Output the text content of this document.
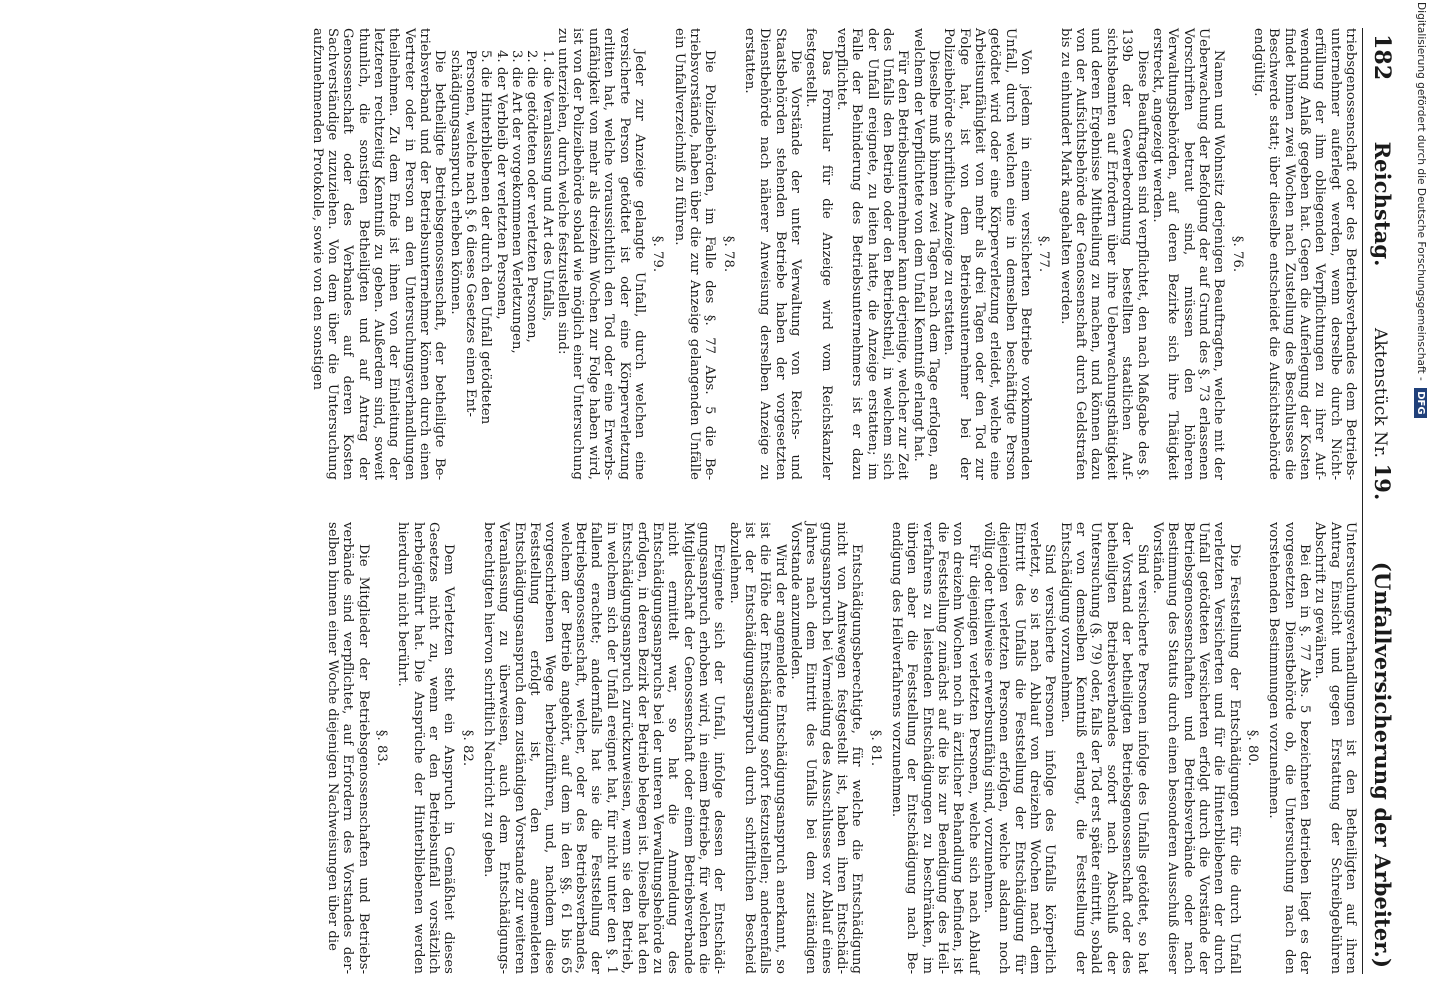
182
Reichstag.
Aktenstück Nr. 19.
(Unfallversicherung der Arbeiter.)

triebsgenossenschaft oder des Betriebsverbandes dem Betriebsunternehmer auferlegt werden, wenn derselbe durch Nichterfüllung der ihm obliegenden Verpflichtungen zu ihrer Aufwendung Anlaß gegeben hat. Gegen die Auferlegung der Kosten findet binnen zwei Wochen nach Zustellung des Beschlusses die Beschwerde statt; über dieselbe entscheidet die Aufsichtsbehörde endgültig.

§. 76.

Namen und Wohnsitz derjenigen Beauftragten, welche mit der Ueberwachung der Befolgung der auf Grund des §. 73 erlassenen Vorschriften betraut sind, müssen den höheren Verwaltungsbehörden, auf deren Bezirke sich ihre Thätigkeit erstreckt, angezeigt werden.

Diese Beauftragten sind verpflichtet, den nach Maßgabe des §. 139b der Gewerbeordnung bestellten staatlichen Aufsichtsbeamten auf Erfordern über ihre Ueberwachungsthätigkeit und deren Ergebnisse Mittheilung zu machen, und können dazu von der Aufsichtsbehörde der Genossenschaft durch Geldstrafen bis zu einhundert Mark angehalten werden.

§. 77.

Von jedem in einem versicherten Betriebe vorkommenden Unfall, durch welchen eine in demselben beschäftigte Person getödtet wird oder eine Körperverletzung erleidet, welche eine Arbeitsunfähigkeit von mehr als drei Tagen oder den Tod zur Folge hat, ist von dem Betriebsunternehmer bei der Polizeibehörde schriftliche Anzeige zu erstatten.

Dieselbe muß binnen zwei Tagen nach dem Tage erfolgen, an welchem der Verpflichtete von dem Unfall Kenntniß erlangt hat.

Für den Betriebsunternehmer kann derjenige, welcher zur Zeit des Unfalls den Betrieb oder den Betriebstheil, in welchem sich der Unfall ereignete, zu leiten hatte, die Anzeige erstatten; im Falle der Behinderung des Betriebsunternehmers ist er dazu verpflichtet.

Das Formular für die Anzeige wird vom Reichskanzler festgestellt.

Die Vorstände der unter Verwaltung von Reichs- und Staatsbehörden stehenden Betriebe haben der vorgesetzten Dienstbehörde nach näherer Anweisung derselben Anzeige zu erstatten.

§. 78.

Die Polizeibehörden, im Falle des §. 77 Abs. 5 die Betriebsvorstände, haben über die zur Anzeige gelangenden Unfälle ein Unfallverzeichniß zu führen.

§. 79.

Jeder zur Anzeige gelangte Unfall, durch welchen eine versicherte Person getödtet ist oder eine Körperverletzung erlitten hat, welche voraussichtlich den Tod oder eine Erwerbsunfähigkeit von mehr als dreizehn Wochen zur Folge haben wird, ist von der Polizeibehörde sobald wie möglich einer Untersuchung zu unterziehen, durch welche festzustellen sind:

1. die Veranlassung und Art des Unfalls,
2. die getödteten oder verletzten Personen,
3. die Art der vorgekommenen Verletzungen,
4. der Verbleib der verletzten Personen,
5. die Hinterbliebenen der durch den Unfall getödteten Personen, welche nach §. 6 dieses Gesetzes einen Entschädigungsanspruch erheben können.

Die betheiligte Betriebsgenossenschaft, der betheiligte Betriebsverband und der Betriebsunternehmer können durch einen Vertreter oder in Person an den Untersuchungsverhandlungen theilnehmen. Zu dem Ende ist ihnen von der Einleitung der letzteren rechtzeitig Kenntniß zu geben. Außerdem sind, soweit thunlich, die sonstigen Betheiligten und auf Antrag der Genossenschaft oder des Verbandes auf deren Kosten Sachverständige zuzuziehen. Von dem über die Untersuchung aufzunehmenden Protokolle, sowie von den sonstigen

Untersuchungsverhandlungen ist den Betheiligten auf ihren Antrag Einsicht und gegen Erstattung der Schreibgebühren Abschrift zu gewähren.

Bei den in §. 77 Abs. 5 bezeichneten Betrieben liegt es der vorgesetzten Dienstbehörde ob, die Untersuchung nach den vorstehenden Bestimmungen vorzunehmen.

§. 80.

Die Feststellung der Entschädigungen für die durch Unfall verletzten Versicherten und für die Hinterbliebenen der durch Unfall getödteten Versicherten erfolgt durch die Vorstände der Betriebsgenossenschaften und Betriebsverbände oder nach Bestimmung des Statuts durch einen besonderen Ausschuß dieser Vorstände.

Sind versicherte Personen infolge des Unfalls getödtet, so hat der Vorstand der betheiligten Betriebsgenossenschaft oder des betheiligten Betriebsverbandes sofort nach Abschluß der Untersuchung (§. 79) oder, falls der Tod erst später eintritt, sobald er von demselben Kenntniß erlangt, die Feststellung der Entschädigung vorzunehmen.

Sind versicherte Personen infolge des Unfalls körperlich verletzt, so ist nach Ablauf von dreizehn Wochen nach dem Eintritt des Unfalls die Feststellung der Entschädigung für diejenigen verletzten Personen erfolgen, welche alsdann noch völlig oder theilweise erwerbsunfähig sind, vorzunehmen.

Für diejenigen verletzten Personen, welche sich nach Ablauf von dreizehn Wochen noch in ärztlicher Behandlung befinden, ist die Feststellung zunächst auf die bis zur Beendigung des Heilverfahrens zu leistenden Entschädigungen zu beschränken, im übrigen aber die Feststellung der Entschädigung nach Beendigung des Heilverfahrens vorzunehmen.

§. 81.

Entschädigungsberechtigte, für welche die Entschädigung nicht von Amtswegen festgestellt ist, haben ihren Entschädigungsanspruch bei Vermeidung des Ausschlusses vor Ablauf eines Jahres nach dem Eintritt des Unfalls bei dem zuständigen Vorstande anzumelden.

Wird der angemeldete Entschädigungsanspruch anerkannt, so ist die Höhe der Entschädigung sofort festzustellen; anderenfalls ist der Entschädigungsanspruch durch schriftlichen Bescheid abzulehnen.

Ereignete sich der Unfall, infolge dessen der Entschädigungsanspruch erhoben wird, in einem Betriebe, für welchen die Mitgliedschaft der Genossenschaft oder einem Betriebsverbande nicht ermittelt war, so hat die Anmeldung des Entschädigungsanspruchs bei der unteren Verwaltungsbehörde zu erfolgen, in deren Bezirk der Betrieb belegen ist. Dieselbe hat den Entschädigungsanspruch zurückzuweisen, wenn sie den Betrieb, in welchem sich der Unfall ereignet hat, für nicht unter den §. 1 fallend erachtet; andernfalls hat sie die Feststellung der Betriebsgenossenschaft, welcher, oder des Betriebsverbandes, welchem der Betrieb angehört, auf dem in den §§. 61 bis 65 vorgeschriebenen Wege herbeizuführen, und, nachdem diese Feststellung erfolgt ist, den angemeldeten Entschädigungsanspruch dem zuständigen Vorstande zur weiteren Veranlassung zu überweisen, auch dem Entschädigungsberechtigten hiervon schriftlich Nachricht zu geben.

§. 82.

Dem Verletzten steht ein Anspruch in Gemäßheit dieses Gesetzes nicht zu, wenn er den Betriebsunfall vorsätzlich herbeigeführt hat. Die Ansprüche der Hinterbliebenen werden hierdurch nicht berührt.

§. 83.

Die Mitglieder der Betriebsgenossenschaften und Betriebsverbände sind verpflichtet, auf Erfordern des Vorstandes derselben binnen einer Woche diejenigen Nachweisungen über die

Digitalisierung gefördert durch die Deutsche Forschungsgemeinschaft - DFG
